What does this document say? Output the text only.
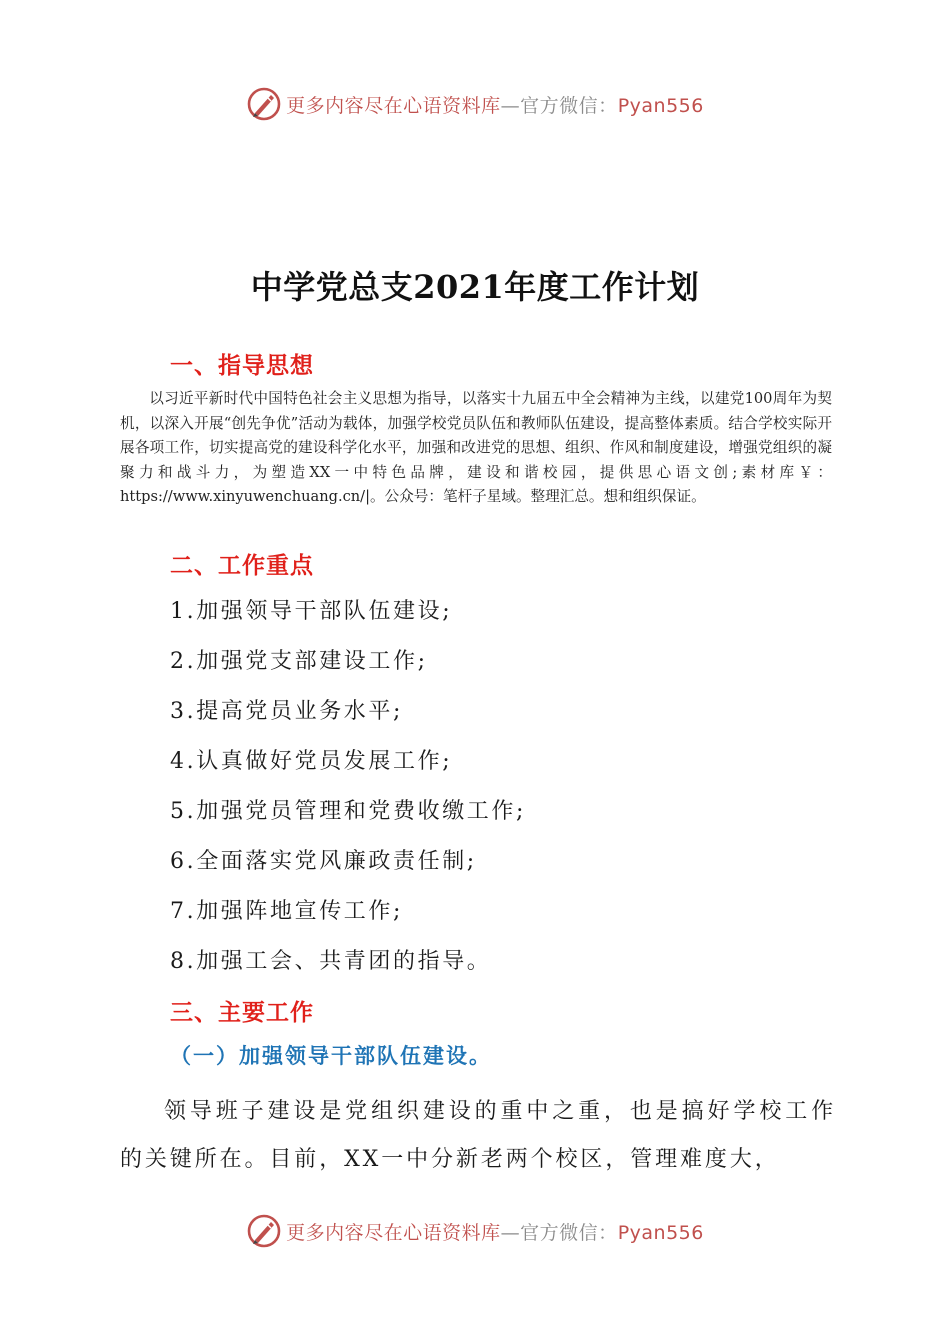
更多内容尽在心语资料库—官方微信：Pyan556
中学党总支2021年度工作计划
一、指导思想

以习近平新时代中国特色社会主义思想为指导，以落实十九届五中全会精神为主线，以建党100周年为契机，以深入开展“创先争优”活动为载体，加强学校党员队伍和教师队伍建设，提高整体素质。结合学校实际开展各项工作，切实提高党的建设科学化水平，加强和改进党的思想、组织、作风和制度建设，增强党组织的凝聚力和战斗力，为塑造XX一中特色品牌，建设和谐校园，提供思心语文创;素材库￥：https://www.xinyuwenchuang.cn/|。公众号：笔杆子星域。整理汇总。想和组织保证。

二、工作重点
1.加强领导干部队伍建设;
2.加强党支部建设工作;
3.提高党员业务水平;
4.认真做好党员发展工作;
5.加强党员管理和党费收缴工作;
6.全面落实党风廉政责任制;
7.加强阵地宣传工作;
8.加强工会、共青团的指导。
三、主要工作
（一）加强领导干部队伍建设。

领导班子建设是党组织建设的重中之重，也是搞好学校工作的关键所在。目前，XX一中分新老两个校区，管理难度大，

更多内容尽在心语资料库—官方微信：Pyan556
